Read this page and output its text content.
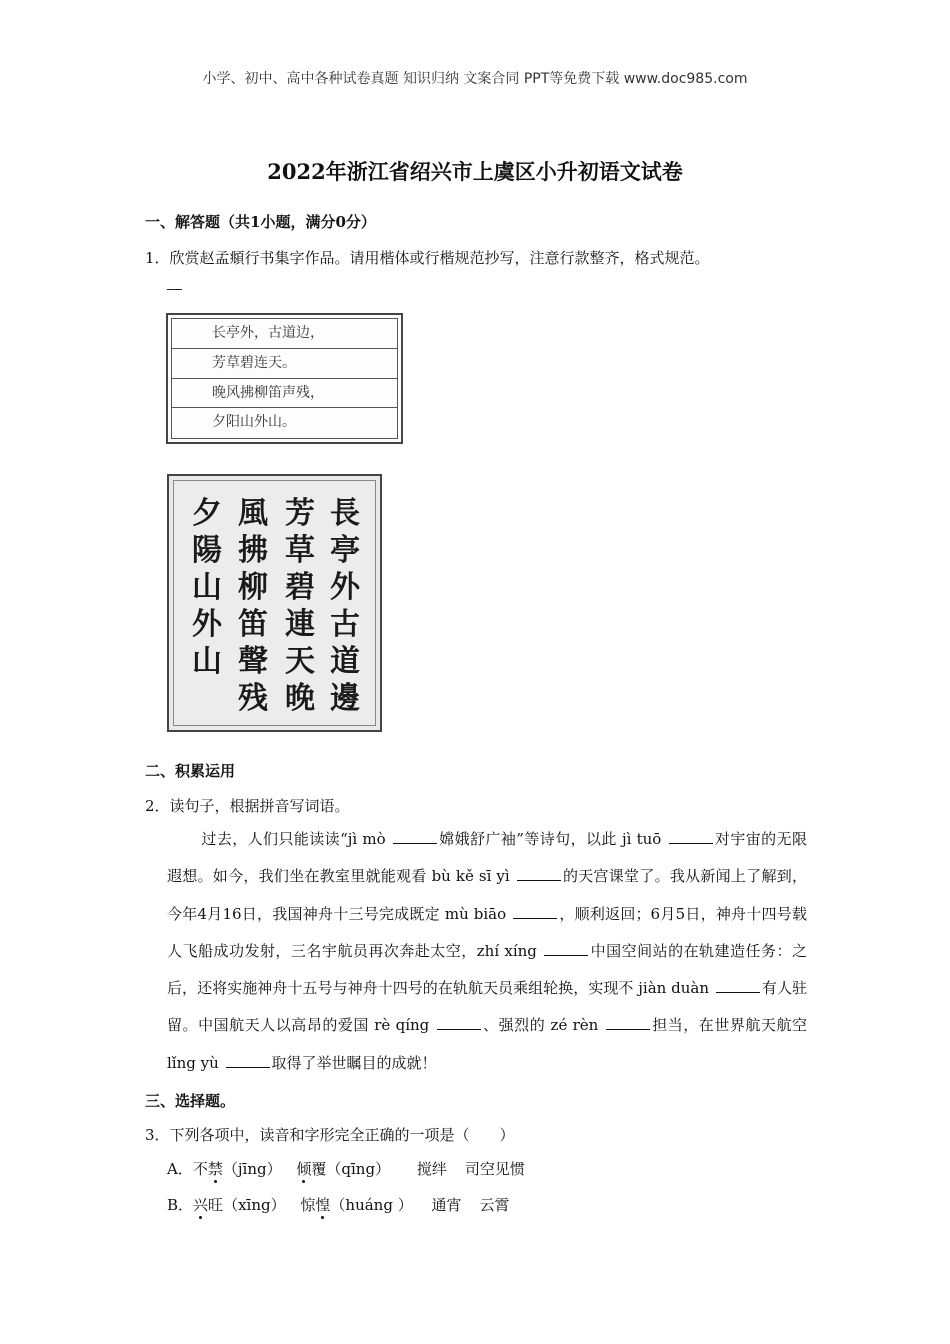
小学、初中、高中各种试卷真题 知识归纳 文案合同 PPT等免费下载 www.doc985.com
2022年浙江省绍兴市上虞区小升初语文试卷
一、解答题（共1小题，满分0分）
1．欣赏赵孟頫行书集字作品。请用楷体或行楷规范抄写，注意行款整齐，格式规范。
长亭外，古道边，
芳草碧连天。
晚风拂柳笛声残，
夕阳山外山。
長亭外古道邊
芳草碧連天晚
風拂柳笛聲残
夕陽山外山
二、积累运用
2．读句子，根据拼音写词语。
过去，人们只能读读“jì mò	嫦娥舒广袖”等诗句，以此 jì tuō	对宇宙的无限遐想。如今，我们坐在教室里就能观看 bù kě sī yì	的天宫课堂了。我从新闻上了解到，今年4月16日，我国神舟十三号完成既定 mù biāo	，顺利返回；6月5日，神舟十四号载人飞船成功发射，三名宇航员再次奔赴太空，zhí xíng	中国空间站的在轨建造任务：之后，还将实施神舟十五号与神舟十四号的在轨航天员乘组轮换，实现不 jiàn duàn	有人驻留。中国航天人以高昂的爱国 rè qíng	、强烈的 zé rèn	担当，在世界航天航空 lǐng yù	取得了举世瞩目的成就！
三、选择题。
3．下列各项中，读音和字形完全正确的一项是（　　）
A．不禁（jīng） 倾覆（qīng） 搅绊 司空见惯
B．兴旺（xīng） 惊惶（huáng ） 通宵 云霄
